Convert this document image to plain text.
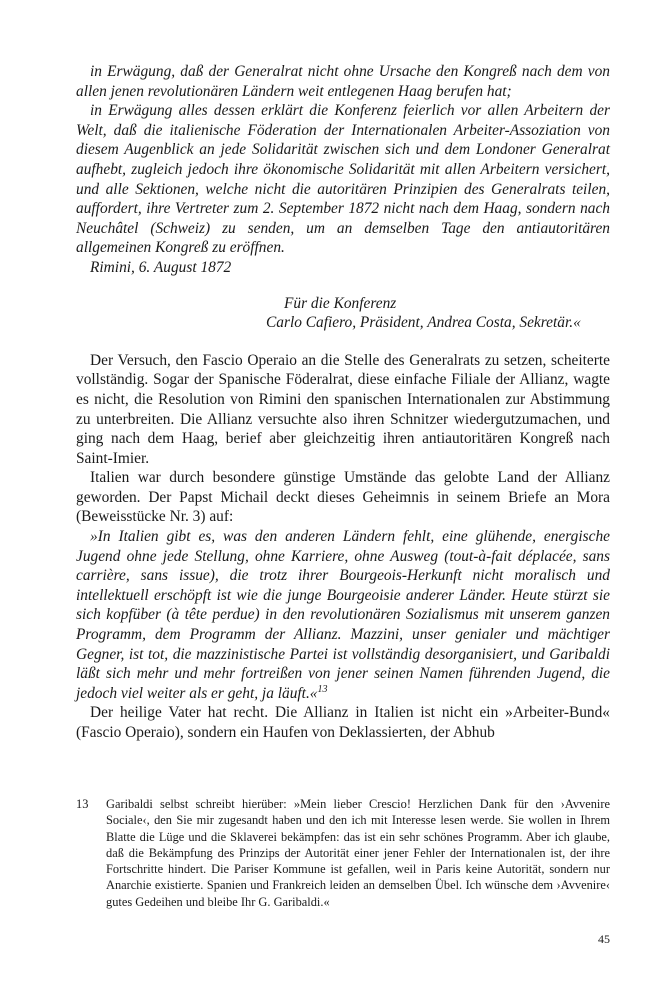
in Erwägung, daß der Generalrat nicht ohne Ursache den Kongreß nach dem von allen jenen revolutionären Ländern weit entlegenen Haag berufen hat;

in Erwägung alles dessen erklärt die Konferenz feierlich vor allen Arbeitern der Welt, daß die italienische Föderation der Internationalen Arbeiter-Assoziation von diesem Augenblick an jede Solidarität zwischen sich und dem Londoner Generalrat aufhebt, zugleich jedoch ihre ökonomische Solidarität mit allen Arbeitern versichert, und alle Sektionen, welche nicht die autoritären Prinzipien des Generalrats teilen, auffordert, ihre Vertreter zum 2. September 1872 nicht nach dem Haag, sondern nach Neuchâtel (Schweiz) zu senden, um an demselben Tage den antiautoritären allgemeinen Kongreß zu eröffnen.

Rimini, 6. August 1872

Für die Konferenz

Carlo Cafiero, Präsident, Andrea Costa, Sekretär.«

Der Versuch, den Fascio Operaio an die Stelle des Generalrats zu setzen, scheiterte vollständig. Sogar der Spanische Föderalrat, diese einfache Filiale der Allianz, wagte es nicht, die Resolution von Rimini den spanischen Internationalen zur Abstimmung zu unterbreiten. Die Allianz versuchte also ihren Schnitzer wiedergutzumachen, und ging nach dem Haag, berief aber gleichzeitig ihren antiautoritären Kongreß nach Saint-Imier.

Italien war durch besondere günstige Umstände das gelobte Land der Allianz geworden. Der Papst Michail deckt dieses Geheimnis in seinem Briefe an Mora (Beweisstücke Nr. 3) auf:

»In Italien gibt es, was den anderen Ländern fehlt, eine glühende, energische Jugend ohne jede Stellung, ohne Karriere, ohne Ausweg (tout-à-fait déplacée, sans carrière, sans issue), die trotz ihrer Bourgeois-Herkunft nicht moralisch und intellektuell erschöpft ist wie die junge Bourgeoisie anderer Länder. Heute stürzt sie sich kopfüber (à tête perdue) in den revolutionären Sozialismus mit unserem ganzen Programm, dem Programm der Allianz. Mazzini, unser genialer und mächtiger Gegner, ist tot, die mazzinistische Partei ist vollständig desorganisiert, und Garibaldi läßt sich mehr und mehr fortreißen von jener seinen Namen führenden Jugend, die jedoch viel weiter als er geht, ja läuft.«$^{13}$

Der heilige Vater hat recht. Die Allianz in Italien ist nicht ein »Arbeiter-Bund« (Fascio Operaio), sondern ein Haufen von Deklassierten, der Abhub

13 Garibaldi selbst schreibt hierüber: »Mein lieber Crescio! Herzlichen Dank für den ›Avvenire Sociale‹, den Sie mir zugesandt haben und den ich mit Interesse lesen werde. Sie wollen in Ihrem Blatte die Lüge und die Sklaverei bekämpfen: das ist ein sehr schönes Programm. Aber ich glaube, daß die Bekämpfung des Prinzips der Autorität einer jener Fehler der Internationalen ist, der ihre Fortschritte hindert. Die Pariser Kommune ist gefallen, weil in Paris keine Autorität, sondern nur Anarchie existierte. Spanien und Frankreich leiden an demselben Übel. Ich wünsche dem ›Avvenire‹ gutes Gedeihen und bleibe Ihr G. Garibaldi.«
45
